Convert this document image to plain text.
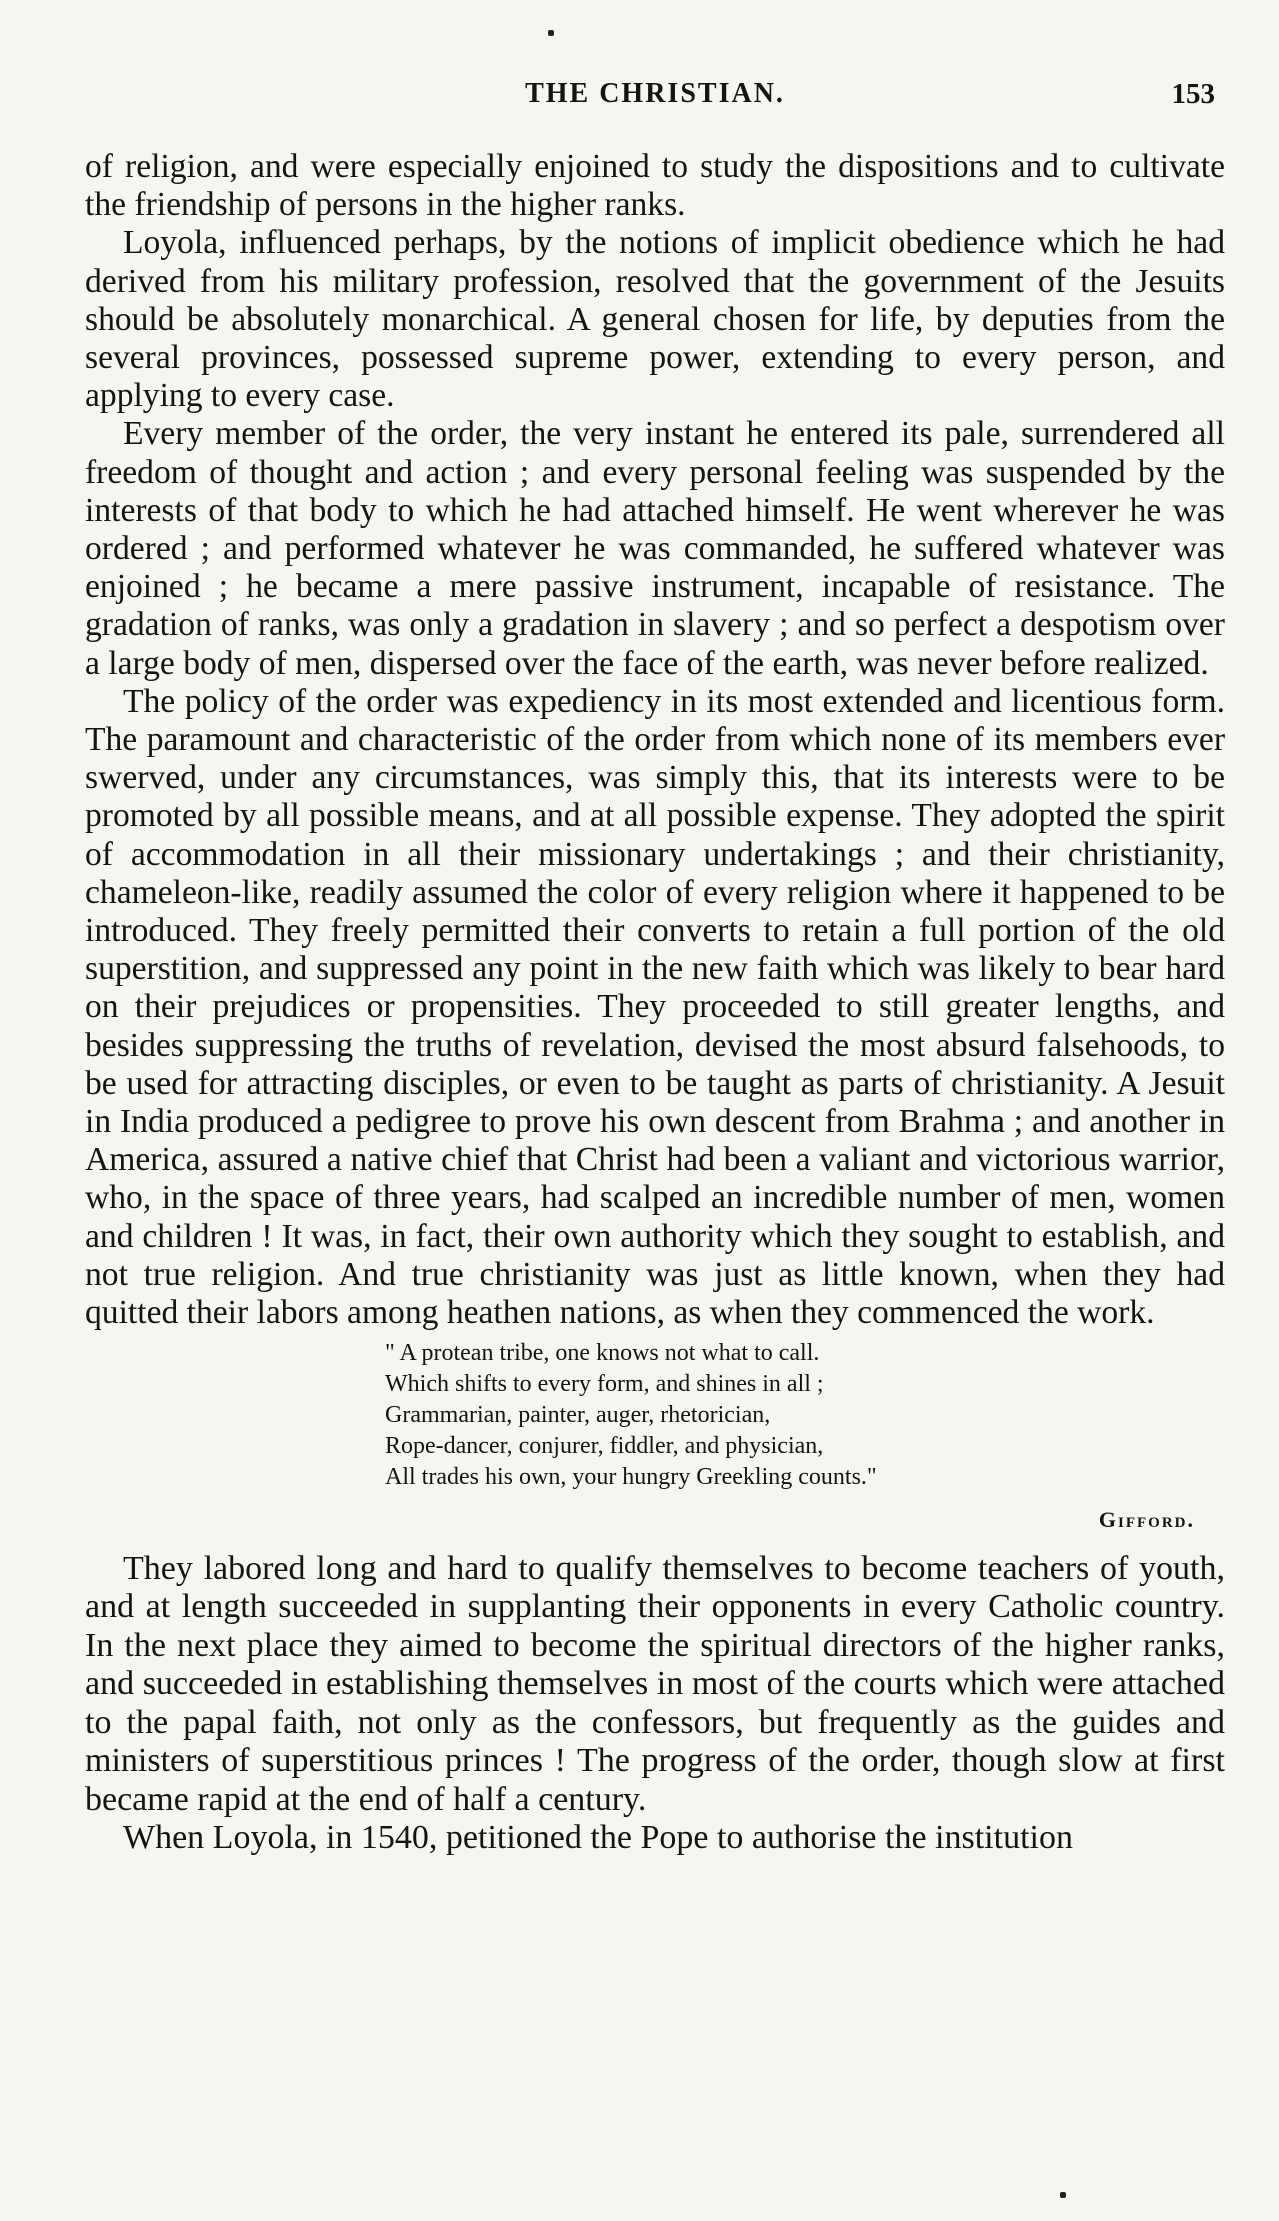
THE CHRISTIAN.	153

of religion, and were especially enjoined to study the dispositions and to cultivate the friendship of persons in the higher ranks.

Loyola, influenced perhaps, by the notions of implicit obedience which he had derived from his military profession, resolved that the government of the Jesuits should be absolutely monarchical. A general chosen for life, by deputies from the several provinces, possessed supreme power, extending to every person, and applying to every case.

Every member of the order, the very instant he entered its pale, surrendered all freedom of thought and action ; and every personal feeling was suspended by the interests of that body to which he had attached himself. He went wherever he was ordered ; and performed whatever he was commanded, he suffered whatever was enjoined ; he became a mere passive instrument, incapable of resistance. The gradation of ranks, was only a gradation in slavery ; and so perfect a despotism over a large body of men, dispersed over the face of the earth, was never before realized.

The policy of the order was expediency in its most extended and licentious form. The paramount and characteristic of the order from which none of its members ever swerved, under any circumstances, was simply this, that its interests were to be promoted by all possible means, and at all possible expense. They adopted the spirit of accommodation in all their missionary undertakings ; and their christianity, chameleon-like, readily assumed the color of every religion where it happened to be introduced. They freely permitted their converts to retain a full portion of the old superstition, and suppressed any point in the new faith which was likely to bear hard on their prejudices or propensities. They proceeded to still greater lengths, and besides suppressing the truths of revelation, devised the most absurd falsehoods, to be used for attracting disciples, or even to be taught as parts of christianity. A Jesuit in India produced a pedigree to prove his own descent from Brahma ; and another in America, assured a native chief that Christ had been a valiant and victorious warrior, who, in the space of three years, had scalped an incredible number of men, women and children ! It was, in fact, their own authority which they sought to establish, and not true religion. And true christianity was just as little known, when they had quitted their labors among heathen nations, as when they commenced the work.

" A protean tribe, one knows not what to call.
Which shifts to every form, and shines in all ;
Grammarian, painter, auger, rhetorician,
Rope-dancer, conjurer, fiddler, and physician,
All trades his own, your hungry Greekling counts."
Gifford.

They labored long and hard to qualify themselves to become teachers of youth, and at length succeeded in supplanting their opponents in every Catholic country. In the next place they aimed to become the spiritual directors of the higher ranks, and succeeded in establishing themselves in most of the courts which were attached to the papal faith, not only as the confessors, but frequently as the guides and ministers of superstitious princes ! The progress of the order, though slow at first became rapid at the end of half a century.

When Loyola, in 1540, petitioned the Pope to authorise the institution
